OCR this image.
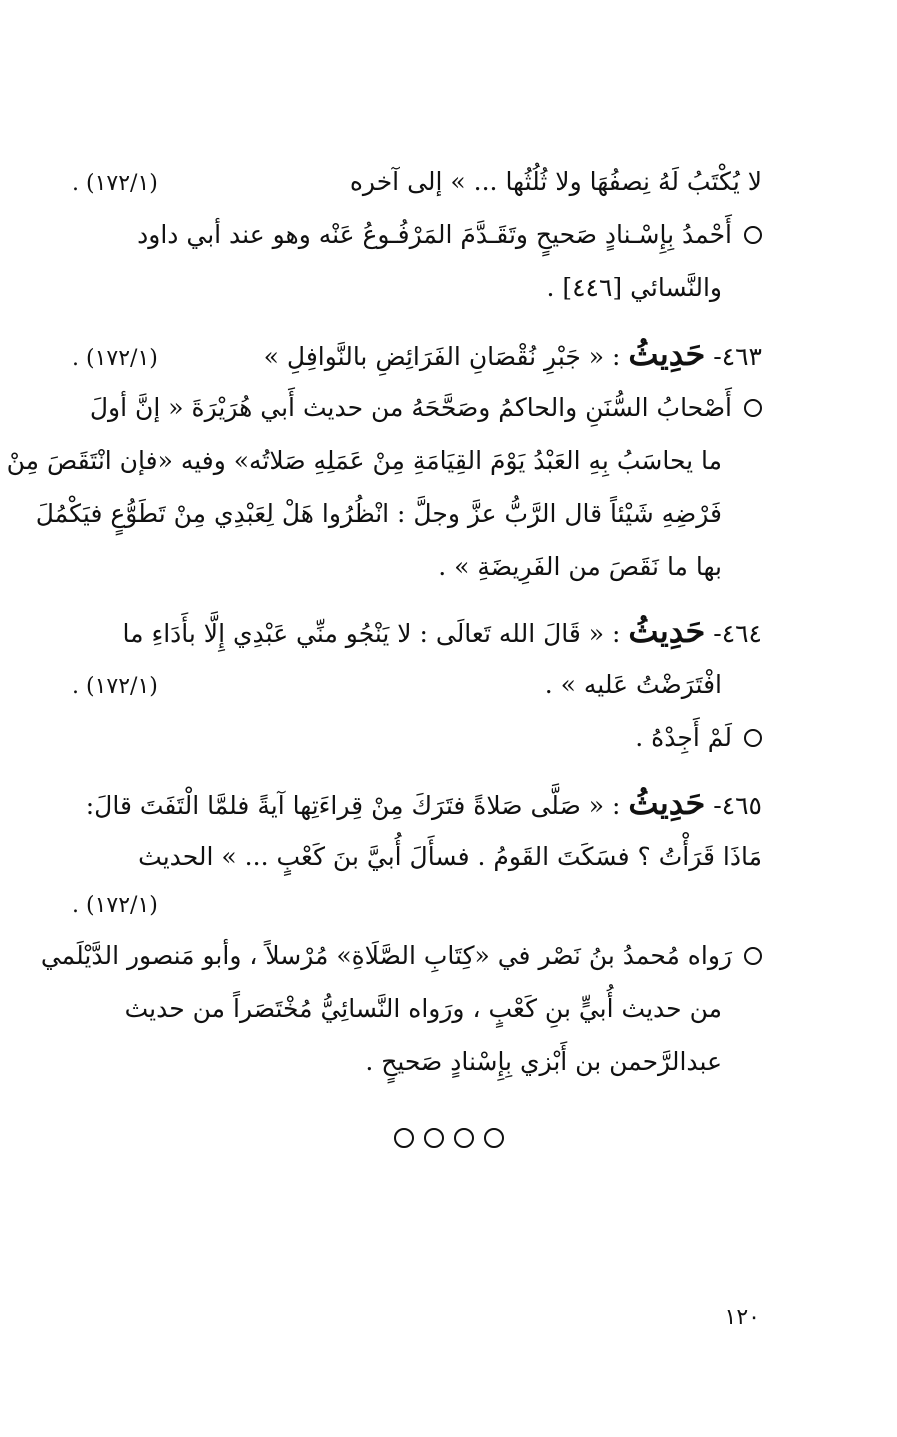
لا يُكْتَبُ لَهُ نِصفُهَا ولا ثُلُثُها ... » إلى آخره
(١٧٢/١) .
أَحْمدُ بِإِسْـنادٍ صَحيحٍ وتَقَـدَّمَ المَرْفُـوعُ عَنْه وهو عند أبي داود
والنَّسائي [٤٤٦] .
٤٦٣- حَدِيثُ : « جَبْرِ نُقْصَانِ الفَرَائِضِ بالنَّوافِلِ »
(١٧٢/١) .
أَصْحابُ السُّنَنِ والحاكمُ وصَحَّحَهُ من حديث أَبي هُرَيْرَةَ « إنَّ أولَ
ما يحاسَبُ بِهِ العَبْدُ يَوْمَ القِيَامَةِ مِنْ عَمَلِهِ صَلاتُه» وفيه «فإن انْتَقَصَ مِنْ
فَرْضِهِ شَيْئاً قال الرَّبُّ عزَّ وجلَّ : انْظُرُوا هَلْ لِعَبْدِي مِنْ تَطَوُّعٍ فيَكْمُلَ
بها ما نَقَصَ من الفَرِيضَةِ » .
٤٦٤- حَدِيثُ : « قَالَ الله تَعالَى : لا يَنْجُو منِّي عَبْدِي إِلَّا بأَدَاءِ ما
افْتَرَضْتُ عَليه » .
(١٧٢/١) .
لَمْ أَجِدْهُ .
٤٦٥- حَدِيثُ : « صَلَّى صَلاةً فتَرَكَ مِنْ قِراءَتِها آيةً فلمَّا الْتَفَتَ قالَ:
مَاذَا قَرَأْتُ ؟ فسَكَتَ القَومُ . فسأَلَ أُبيَّ بنَ كَعْبٍ ... » الحديث
(١٧٢/١) .
رَواه مُحمدُ بنُ نَصْر في «كِتَابِ الصَّلَاةِ» مُرْسلاً ، وأبو مَنصور الدَّيْلَمي
من حديث أُبيٍّ بنِ كَعْبٍ ، ورَواه النَّسائِيُّ مُخْتَصَراً من حديث
عبدالرَّحمن بن أَبْزي بِإِسْنادٍ صَحيحٍ .
١٢٠
